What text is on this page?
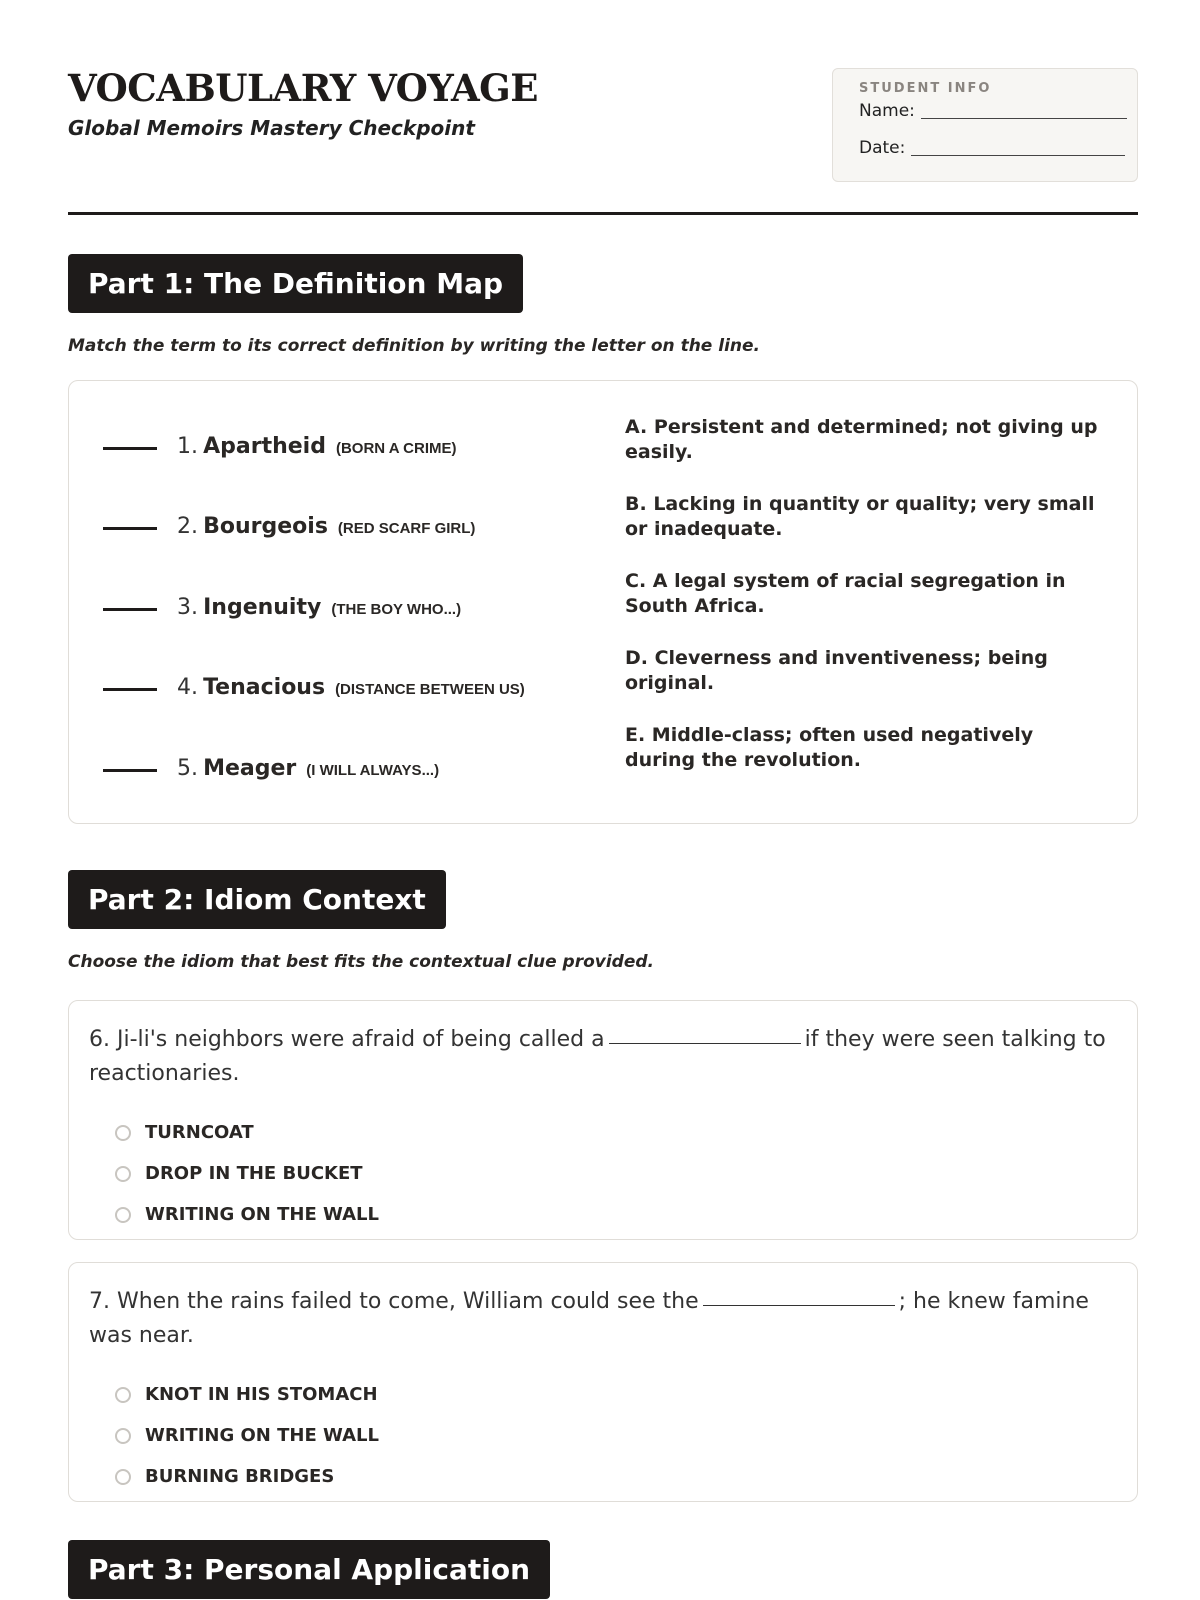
VOCABULARY VOYAGE
Global Memoirs Mastery Checkpoint
STUDENT INFO
Name:
Date:
Part 1: The Definition Map
Match the term to its correct definition by writing the letter on the line.
1. Apartheid (BORN A CRIME)
2. Bourgeois (RED SCARF GIRL)
3. Ingenuity (THE BOY WHO...)
4. Tenacious (DISTANCE BETWEEN US)
5. Meager (I WILL ALWAYS...)
A. Persistent and determined; not giving up easily.
B. Lacking in quantity or quality; very small or inadequate.
C. A legal system of racial segregation in South Africa.
D. Cleverness and inventiveness; being original.
E. Middle-class; often used negatively during the revolution.
Part 2: Idiom Context
Choose the idiom that best fits the contextual clue provided.
6. Ji-li's neighbors were afraid of being called a	if they were seen talking to reactionaries.
TURNCOAT
DROP IN THE BUCKET
WRITING ON THE WALL
7. When the rains failed to come, William could see the	; he knew famine was near.
KNOT IN HIS STOMACH
WRITING ON THE WALL
BURNING BRIDGES
Part 3: Personal Application
